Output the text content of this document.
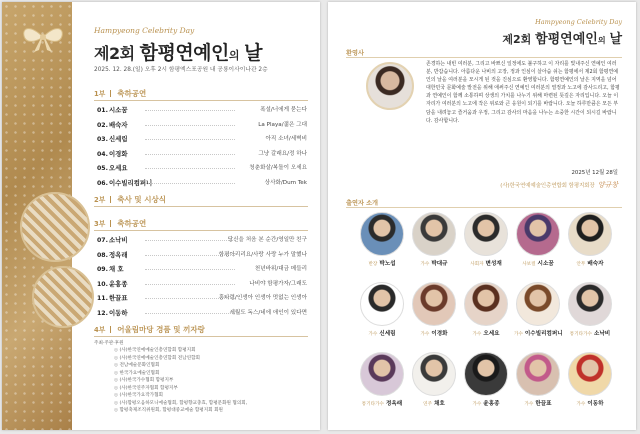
Hampyeong Celebrity Day
제2회 함평연예인의 날
2025. 12. 28.(일) 오후 2시 함평엑스포공원 내 공룡이사이나관 2층
1부 축하공연
01.시소꿈	폭설/너에게 묻는다
02.배숙자	La Playa/젊은 그대
03.신세림	아직 소녀/세벽비
04.이경화	그냥 갈래요/정 하나
05.오세요	청춘화살/복돌이 오세요
06.이수빌리컴퍼니	상사화/Dum Tek
2부 축사 및 시상식
3부 축하공연
07.소낙비	당신을 처음 본 순간/영일만 친구
08.정옥래	함평아리리요/사랑 사랑 누가 말했나
09.채 호	천년바위/대금 메들리
10.윤홍종	나비야 함평가자/그래도
11.한끌표	흥타령/인생아 인생아 멋없는 인생아
12.이동하	세월도 독스/네에 애인이 있다면
4부 어울림마당 경품 및 끼자랑
주최·주관·후원
◎ (사)한국연예예술인총연합회 함평지회
◎ (사)한국연예예술인총연합회 전남연합회
◎ 전남예술문화인협회
◎ 한국가요예술인협회
◎ (사)한국가수협회 함평지부
◎ (사)한국연주자협회 함평지부
◎ (사)한국가요작가협회
◎ (사)함평오음하모니예술협회, 함평향교충효, 함평문화원 협의회,
◎ 함평축제조직위원회, 함평대중교예술 함평지회 회원
Hampyeong Celebrity Day
제2회 함평연예인의 날
환영사
존경하는 내빈 여러분, 그리고 바쁘신 일정에도 불구하고 이 자리를 빛내주신 연예인 여러분, 반갑습니다. 아름다운 나비의 고장, 정과 인심이 살아숨 쉬는 함평에서 제2회 함평연예인의 날을 여러분을 모시게 된 것을 진심으로 환영합니다. 함평연예인의 날은 지역을 넘어 대한민국 문화예술 발전을 위해 애써주신 연예인 여러분의 열정과 노고에 감사드리고, 함평과 연예인이 함께 소통하며 상생의 가치를 나누기 위해 마련된 뜻깊은 자리입니다. 오늘 이 자리가 여러분의 노고에 작은 위로와 큰 응원이 되기를 바랍니다. 오늘 하루만큼은 모든 부담을 내려놓고 즐거움과 우정, 그리고 감사의 마음을 나누는 소중한 시간이 되시길 바랍니다. 감사합니다.
2025년 12월 28일
(사)한국연예예술인총연합회 함평지회장 양규창
출연자 소개
반장 박노섭	가수 박대규	사회자 변성재	사보컬 시소꿈	안무 배숙자
가수 신세림	가수 이경화	가수 오세요	가수 이수빌리컴퍼니	통기타가수 소낙비
통기타가수 정옥래	연주 채호	가수 윤홍종	가수 한끌표	가수 이동하
